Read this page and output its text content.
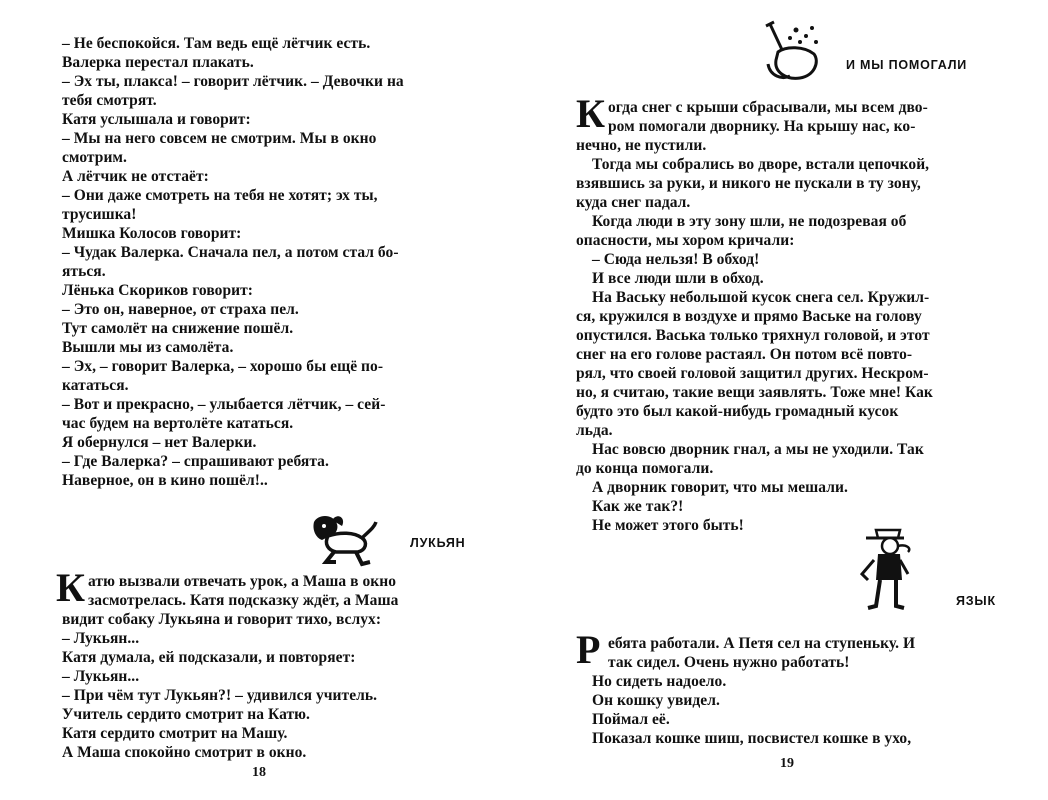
– Не беспокойся. Там ведь ещё лётчик есть.
Валерка перестал плакать.
– Эх ты, плакса! – говорит лётчик. – Девочки на
тебя смотрят.
Катя услышала и говорит:
– Мы на него совсем не смотрим. Мы в окно
смотрим.
А лётчик не отстаёт:
– Они даже смотреть на тебя не хотят; эх ты,
трусишка!
Мишка Колосов говорит:
– Чудак Валерка. Сначала пел, а потом стал бо-
яться.
Лёнька Скориков говорит:
– Это он, наверное, от страха пел.
Тут самолёт на снижение пошёл.
Вышли мы из самолёта.
– Эх, – говорит Валерка, – хорошо бы ещё по-
кататься.
– Вот и прекрасно, – улыбается лётчик, – сей-
час будем на вертолёте кататься.
Я обернулся – нет Валерки.
– Где Валерка? – спрашивают ребята.
Наверное, он в кино пошёл!..
ЛУКЬЯН
К атю вызвали отвечать урок, а Маша в окно
засмотрелась. Катя подсказку ждёт, а Маша
видит собаку Лукьяна и говорит тихо, вслух:
– Лукьян...
Катя думала, ей подсказали, и повторяет:
– Лукьян...
– При чём тут Лукьян?! – удивился учитель.
Учитель сердито смотрит на Катю.
Катя сердито смотрит на Машу.
А Маша спокойно смотрит в окно.
18
И МЫ ПОМОГАЛИ
К огда снег с крыши сбрасывали, мы всем дво-
ром помогали дворнику. На крышу нас, ко-
нечно, не пустили.
Тогда мы собрались во дворе, встали цепочкой,
взявшись за руки, и никого не пускали в ту зону,
куда снег падал.
Когда люди в эту зону шли, не подозревая об
опасности, мы хором кричали:
– Сюда нельзя! В обход!
И все люди шли в обход.
На Ваську небольшой кусок снега сел. Кружил-
ся, кружился в воздухе и прямо Ваське на голову
опустился. Васька только тряхнул головой, и этот
снег на его голове растаял. Он потом всё повто-
рял, что своей головой защитил других. Нескром-
но, я считаю, такие вещи заявлять. Тоже мне! Как
будто это был какой-нибудь громадный кусок
льда.
Нас вовсю дворник гнал, а мы не уходили. Так
до конца помогали.
А дворник говорит, что мы мешали.
Как же так?!
Не может этого быть!
ЯЗЫК
Р ебята работали. А Петя сел на ступеньку. И
так сидел. Очень нужно работать!
Но сидеть надоело.
Он кошку увидел.
Поймал её.
Показал кошке шиш, посвистел кошке в ухо,
19
